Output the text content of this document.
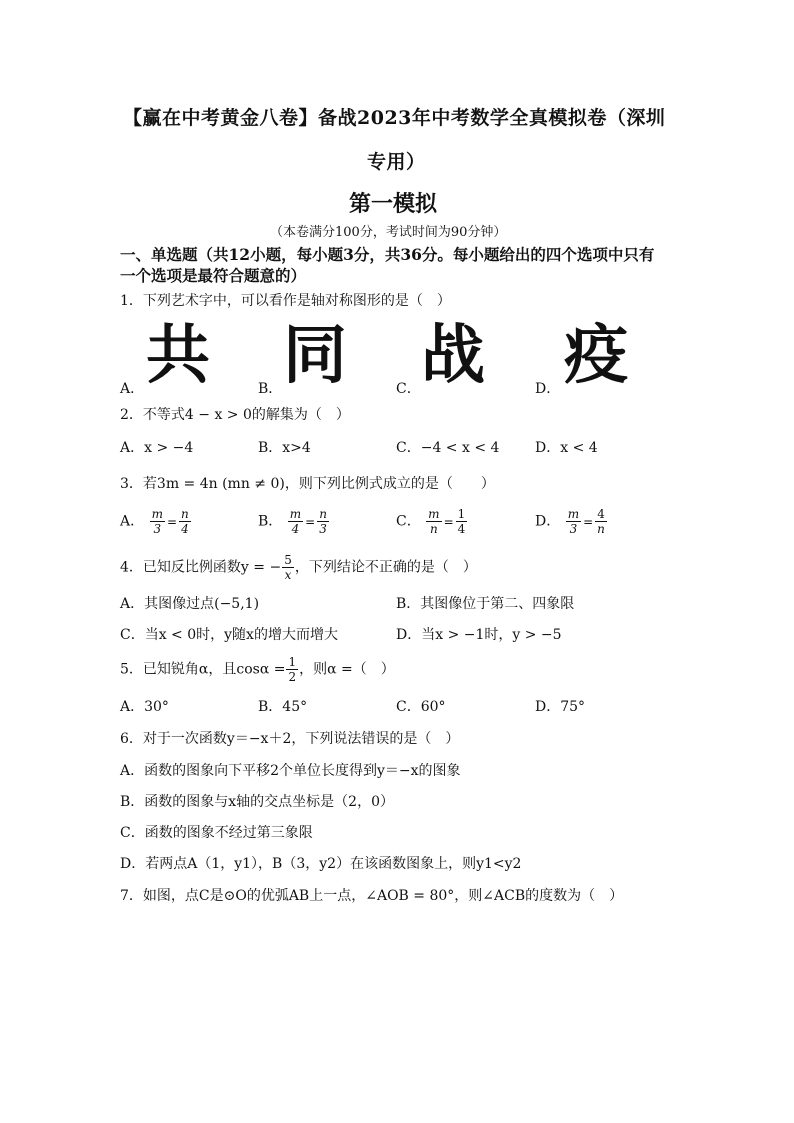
【赢在中考黄金八卷】备战2023年中考数学全真模拟卷（深圳
专用）
第一模拟
（本卷满分100分，考试时间为90分钟）
一、单选题（共12小题，每小题3分，共36分。每小题给出的四个选项中只有
一个选项是最符合题意的）
1．下列艺术字中，可以看作是轴对称图形的是（　）
A． 共	B． 同	C． 战	D． 疫
2．不等式4 − x > 0的解集为（　）
A．x > −4	B．x>4	C．−4 < x < 4	D．x < 4
3．若3m = 4n (mn ≠ 0)，则下列比例式成立的是（　　）
A． $\frac{m}{3} = \frac{n}{4}$	B． $\frac{m}{4} = \frac{n}{3}$	C． $\frac{m}{n} = \frac{1}{4}$	D． $\frac{m}{3} = \frac{4}{n}$
4．已知反比例函数y = − $\frac{5}{x}$ ，下列结论不正确的是（　）
A．其图像过点(−5,1)	B．其图像位于第二、四象限
C．当x < 0时，y随x的增大而增大	D．当x > −1时，y > −5
5．已知锐角α，且$\cos\alpha = \frac{1}{2}$ ，则α =（　）
A．30°	B．45°	C．60°	D．75°
6．对于一次函数y＝−x＋2，下列说法错误的是（　）
A．函数的图象向下平移2个单位长度得到y＝−x的图象
B．函数的图象与x轴的交点坐标是（2，0）
C．函数的图象不经过第三象限
D．若两点A（1，y1），B（3，y2）在该函数图象上，则y1<y2
7．如图，点C是⊙O的优弧AB上一点，∠AOB = 80°，则∠ACB的度数为（　）
